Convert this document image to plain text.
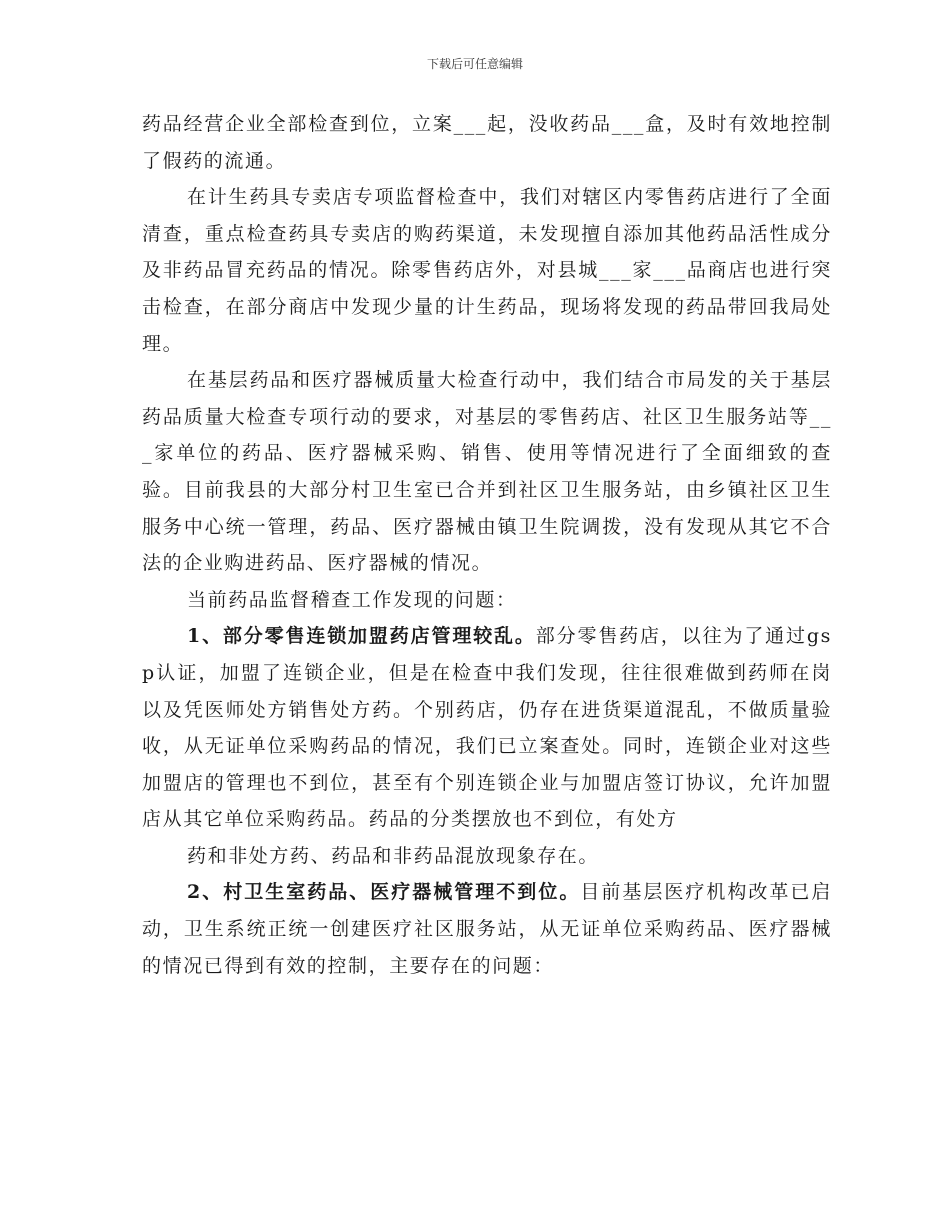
下载后可任意编辑

药品经营企业全部检查到位，立案___起，没收药品___盒，及时有效地控制了假药的流通。

在计生药具专卖店专项监督检查中，我们对辖区内零售药店进行了全面清查，重点检查药具专卖店的购药渠道，未发现擅自添加其他药品活性成分及非药品冒充药品的情况。除零售药店外，对县城___家___品商店也进行突击检查，在部分商店中发现少量的计生药品，现场将发现的药品带回我局处理。

在基层药品和医疗器械质量大检查行动中，我们结合市局发的关于基层药品质量大检查专项行动的要求，对基层的零售药店、社区卫生服务站等___家单位的药品、医疗器械采购、销售、使用等情况进行了全面细致的查验。目前我县的大部分村卫生室已合并到社区卫生服务站，由乡镇社区卫生服务中心统一管理，药品、医疗器械由镇卫生院调拨，没有发现从其它不合法的企业购进药品、医疗器械的情况。

当前药品监督稽查工作发现的问题：

1、部分零售连锁加盟药店管理较乱。部分零售药店，以往为了通过gsp认证，加盟了连锁企业，但是在检查中我们发现，往往很难做到药师在岗以及凭医师处方销售处方药。个别药店，仍存在进货渠道混乱，不做质量验收，从无证单位采购药品的情况，我们已立案查处。同时，连锁企业对这些加盟店的管理也不到位，甚至有个别连锁企业与加盟店签订协议，允许加盟店从其它单位采购药品。药品的分类摆放也不到位，有处方

药和非处方药、药品和非药品混放现象存在。

2、村卫生室药品、医疗器械管理不到位。目前基层医疗机构改革已启动，卫生系统正统一创建医疗社区服务站，从无证单位采购药品、医疗器械的情况已得到有效的控制，主要存在的问题：
